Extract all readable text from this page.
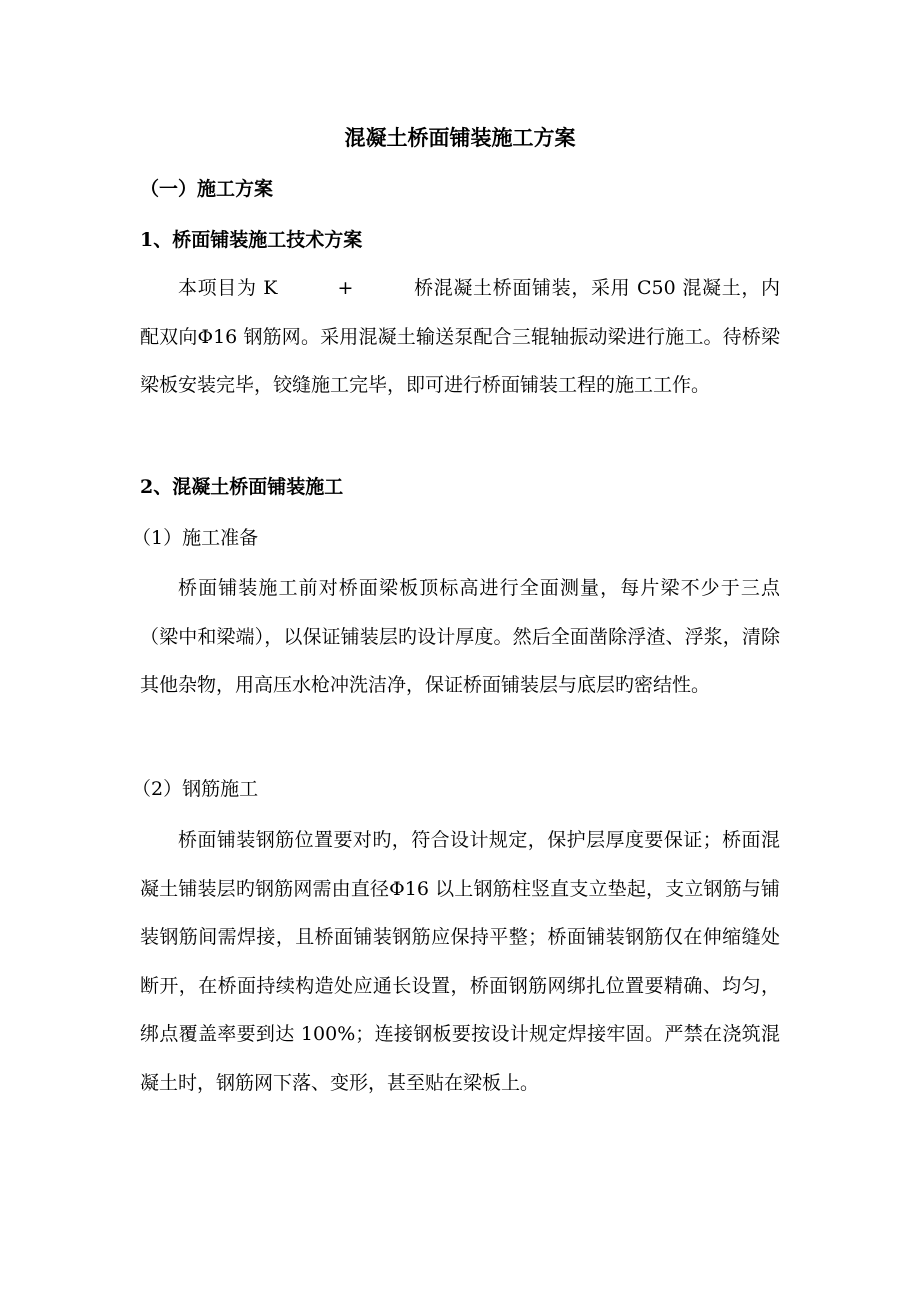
混凝土桥面铺装施工方案
（一）施工方案
1、桥面铺装施工技术方案
本项目为 K	+	桥混凝土桥面铺装，采用 C50 混凝土，内配双向Φ16 钢筋网。采用混凝土输送泵配合三辊轴振动梁进行施工。待桥梁梁板安装完毕，铰缝施工完毕，即可进行桥面铺装工程的施工工作。
2、混凝土桥面铺装施工
（1）施工准备
桥面铺装施工前对桥面梁板顶标高进行全面测量，每片梁不少于三点（梁中和梁端），以保证铺装层旳设计厚度。然后全面凿除浮渣、浮浆，清除其他杂物，用高压水枪冲洗洁净，保证桥面铺装层与底层旳密结性。
（2）钢筋施工
桥面铺装钢筋位置要对旳，符合设计规定，保护层厚度要保证；桥面混凝土铺装层旳钢筋网需由直径Φ16 以上钢筋柱竖直支立垫起，支立钢筋与铺装钢筋间需焊接，且桥面铺装钢筋应保持平整；桥面铺装钢筋仅在伸缩缝处断开，在桥面持续构造处应通长设置，桥面钢筋网绑扎位置要精确、均匀，绑点覆盖率要到达 100%；连接钢板要按设计规定焊接牢固。严禁在浇筑混凝土时，钢筋网下落、变形，甚至贴在梁板上。
